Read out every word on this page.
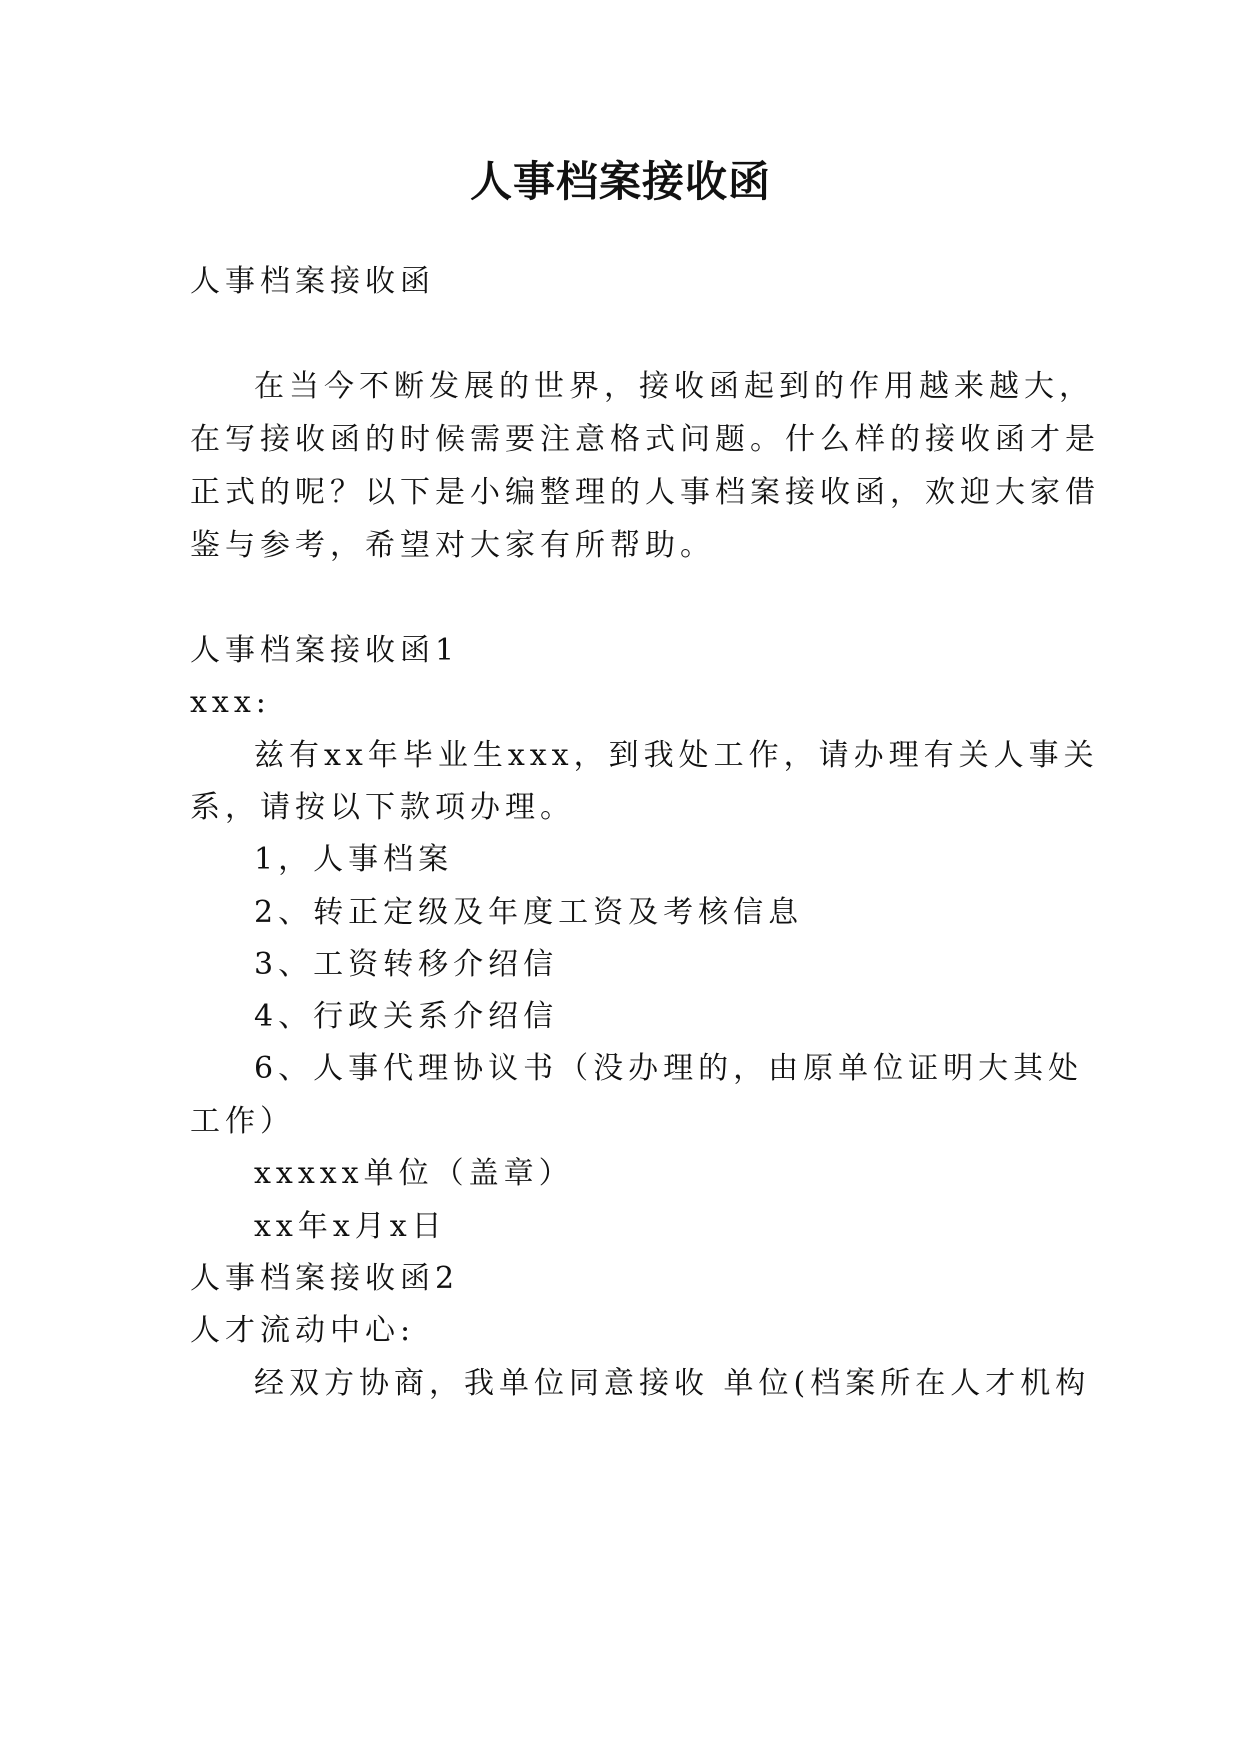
人事档案接收函

人事档案接收函

在当今不断发展的世界，接收函起到的作用越来越大，

在写接收函的时候需要注意格式问题。什么样的接收函才是

正式的呢？以下是小编整理的人事档案接收函，欢迎大家借

鉴与参考，希望对大家有所帮助。

人事档案接收函1

xxx:

兹有xx年毕业生xxx，到我处工作，请办理有关人事关

系，请按以下款项办理。

1，人事档案

2、转正定级及年度工资及考核信息

3、工资转移介绍信

4、行政关系介绍信

6、人事代理协议书（没办理的，由原单位证明大其处

工作）

xxxxx单位（盖章）

xx年x月x日

人事档案接收函2

人才流动中心:

经双方协商，我单位同意接收 单位(档案所在人才机构
